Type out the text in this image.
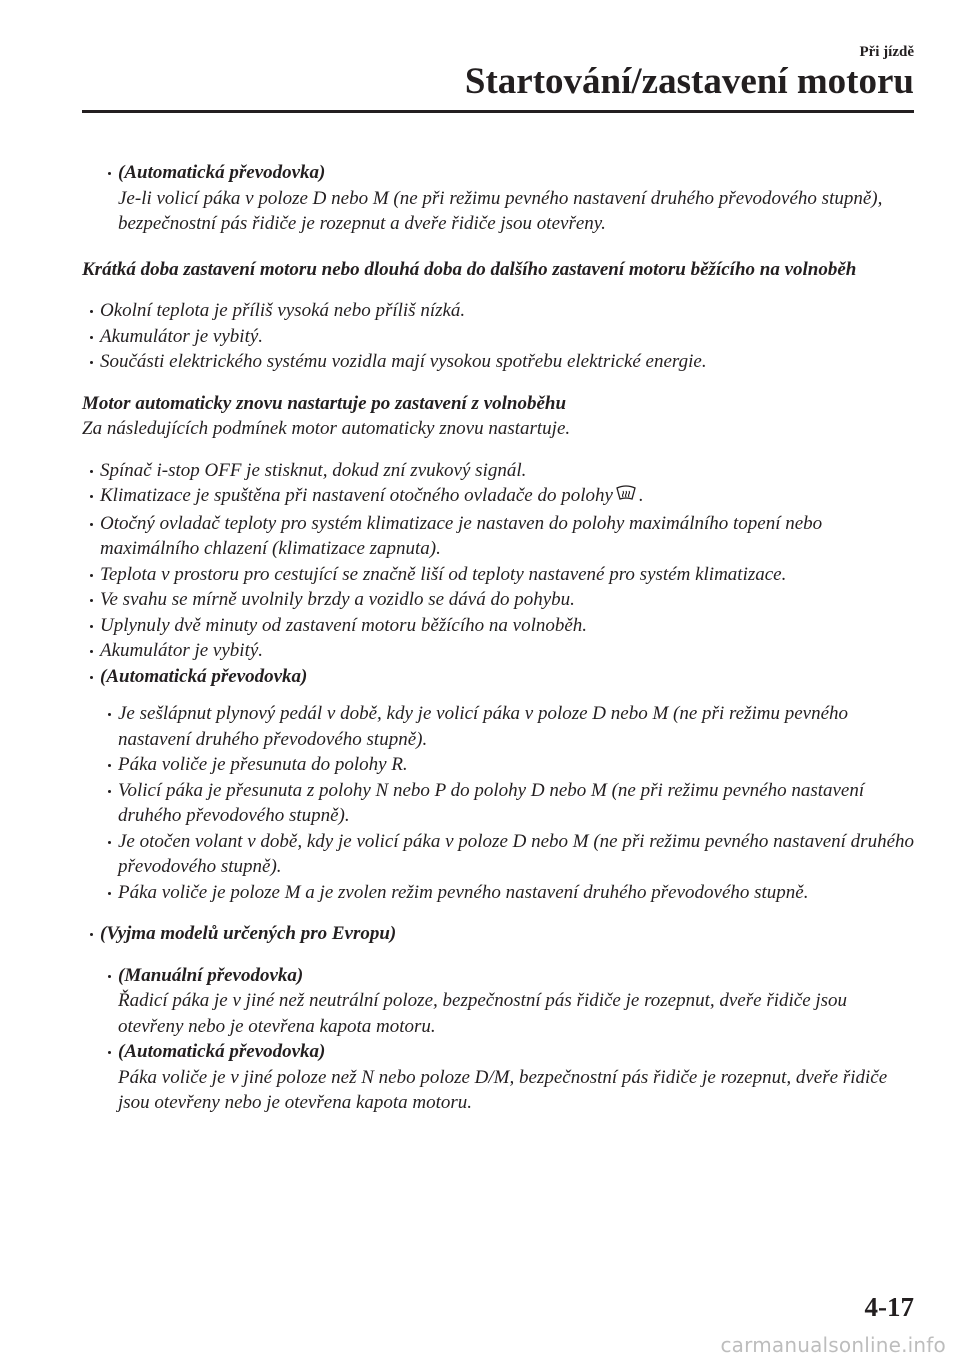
Při jízdě
Startování/zastavení motoru
(Automatická převodovka)
Je-li volicí páka v poloze D nebo M (ne při režimu pevného nastavení druhého převodového stupně), bezpečnostní pás řidiče je rozepnut a dveře řidiče jsou otevřeny.

Krátká doba zastavení motoru nebo dlouhá doba do dalšího zastavení motoru běžícího na volnoběh

Okolní teplota je příliš vysoká nebo příliš nízká.
Akumulátor je vybitý.
Součásti elektrického systému vozidla mají vysokou spotřebu elektrické energie.

Motor automaticky znovu nastartuje po zastavení z volnoběhu

Za následujících podmínek motor automaticky znovu nastartuje.

Spínač i-stop OFF je stisknut, dokud zní zvukový signál.
Klimatizace je spuštěna při nastavení otočného ovladače do polohy .
Otočný ovladač teploty pro systém klimatizace je nastaven do polohy maximálního topení nebo maximálního chlazení (klimatizace zapnuta).
Teplota v prostoru pro cestující se značně liší od teploty nastavené pro systém klimatizace.
Ve svahu se mírně uvolnily brzdy a vozidlo se dává do pohybu.
Uplynuly dvě minuty od zastavení motoru běžícího na volnoběh.
Akumulátor je vybitý.
(Automatická převodovka)
Je sešlápnut plynový pedál v době, kdy je volicí páka v poloze D nebo M (ne při režimu pevného nastavení druhého převodového stupně).
Páka voliče je přesunuta do polohy R.
Volicí páka je přesunuta z polohy N nebo P do polohy D nebo M (ne při režimu pevného nastavení druhého převodového stupně).
Je otočen volant v době, kdy je volicí páka v poloze D nebo M (ne při režimu pevného nastavení druhého převodového stupně).
Páka voliče je poloze M a je zvolen režim pevného nastavení druhého převodového stupně.
(Vyjma modelů určených pro Evropu)
(Manuální převodovka)
Řadicí páka je v jiné než neutrální poloze, bezpečnostní pás řidiče je rozepnut, dveře řidiče jsou otevřeny nebo je otevřena kapota motoru.
(Automatická převodovka)
Páka voliče je v jiné poloze než N nebo poloze D/M, bezpečnostní pás řidiče je rozepnut, dveře řidiče jsou otevřeny nebo je otevřena kapota motoru.
4-17
carmanualsonline.info
